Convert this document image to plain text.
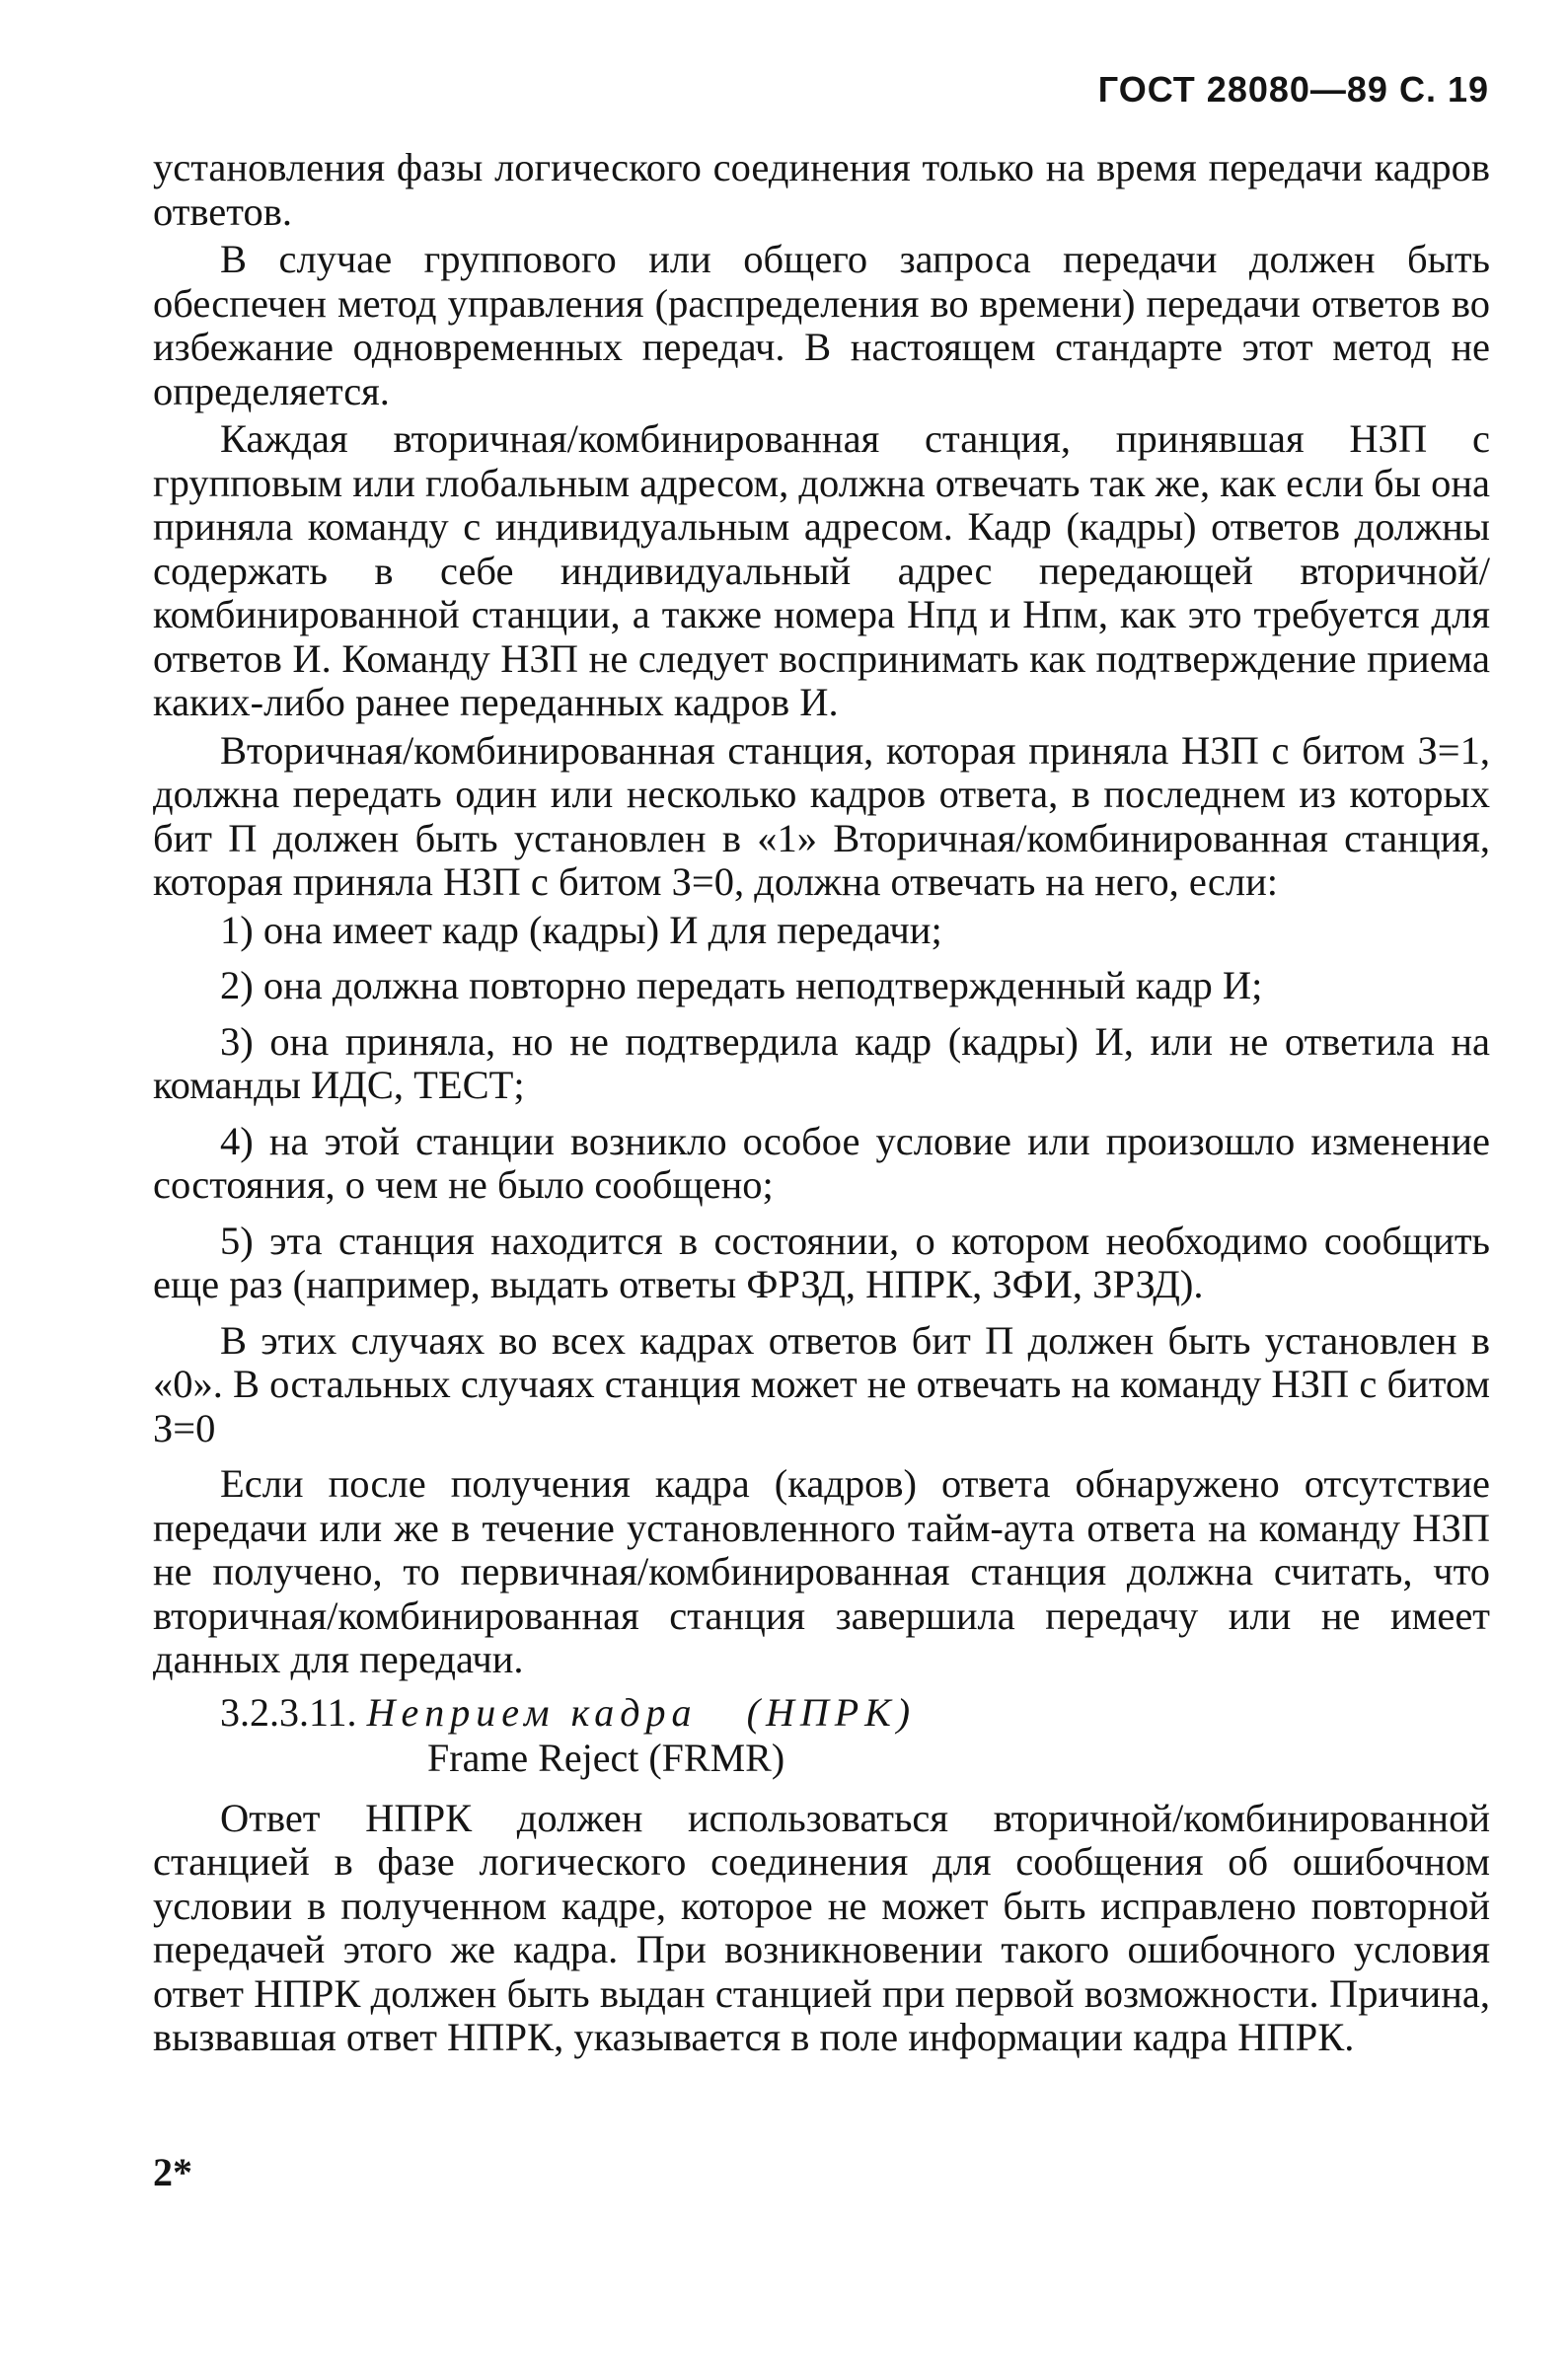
ГОСТ 28080—89 С. 19

установления фазы логического соединения только на время передачи кадров ответов.

В случае группового или общего запроса передачи должен быть обеспечен метод управления (распределения во времени) передачи ответов во избежание одновременных передач. В настоящем стандарте этот метод не определяется.

Каждая вторичная/комбинированная станция, принявшая НЗП с групповым или глобальным адресом, должна отвечать так же, как если бы она приняла команду с индивидуальным адресом. Кадр (кадры) ответов должны содержать в себе индивидуальный адрес передающей вторичной/комбинированной станции, а также номера Нпд и Нпм, как это требуется для ответов И. Команду НЗП не следует воспринимать как подтверждение приема каких-либо ранее переданных кадров И.

Вторичная/комбинированная станция, которая приняла НЗП с битом З=1, должна передать один или несколько кадров ответа, в последнем из которых бит П должен быть установлен в «1» Вторичная/комбинированная станция, которая приняла НЗП с битом З=0, должна отвечать на него, если:

1) она имеет кадр (кадры) И для передачи;

2) она должна повторно передать неподтвержденный кадр И;

3) она приняла, но не подтвердила кадр (кадры) И, или не ответила на команды ИДС, ТЕСТ;

4) на этой станции возникло особое условие или произошло изменение состояния, о чем не было сообщено;

5) эта станция находится в состоянии, о котором необходимо сообщить еще раз (например, выдать ответы ФРЗД, НПРК, ЗФИ, ЗРЗД).

В этих случаях во всех кадрах ответов бит П должен быть установлен в «0». В остальных случаях станция может не отвечать на команду НЗП с битом З=0

Если после получения кадра (кадров) ответа обнаружено отсутствие передачи или же в течение установленного тайм-аута ответа на команду НЗП не получено, то первичная/комбинированная станция должна считать, что вторичная/комбинированная станция завершила передачу или не имеет данных для передачи.

3.2.3.11. Неприем кадра (НПРК)
Frame Reject (FRMR)

Ответ НПРК должен использоваться вторичной/комбинированной станцией в фазе логического соединения для сообщения об ошибочном условии в полученном кадре, которое не может быть исправлено повторной передачей этого же кадра. При возникновении такого ошибочного условия ответ НПРК должен быть выдан станцией при первой возможности. Причина, вызвавшая ответ НПРК, указывается в поле информации кадра НПРК.

2*
